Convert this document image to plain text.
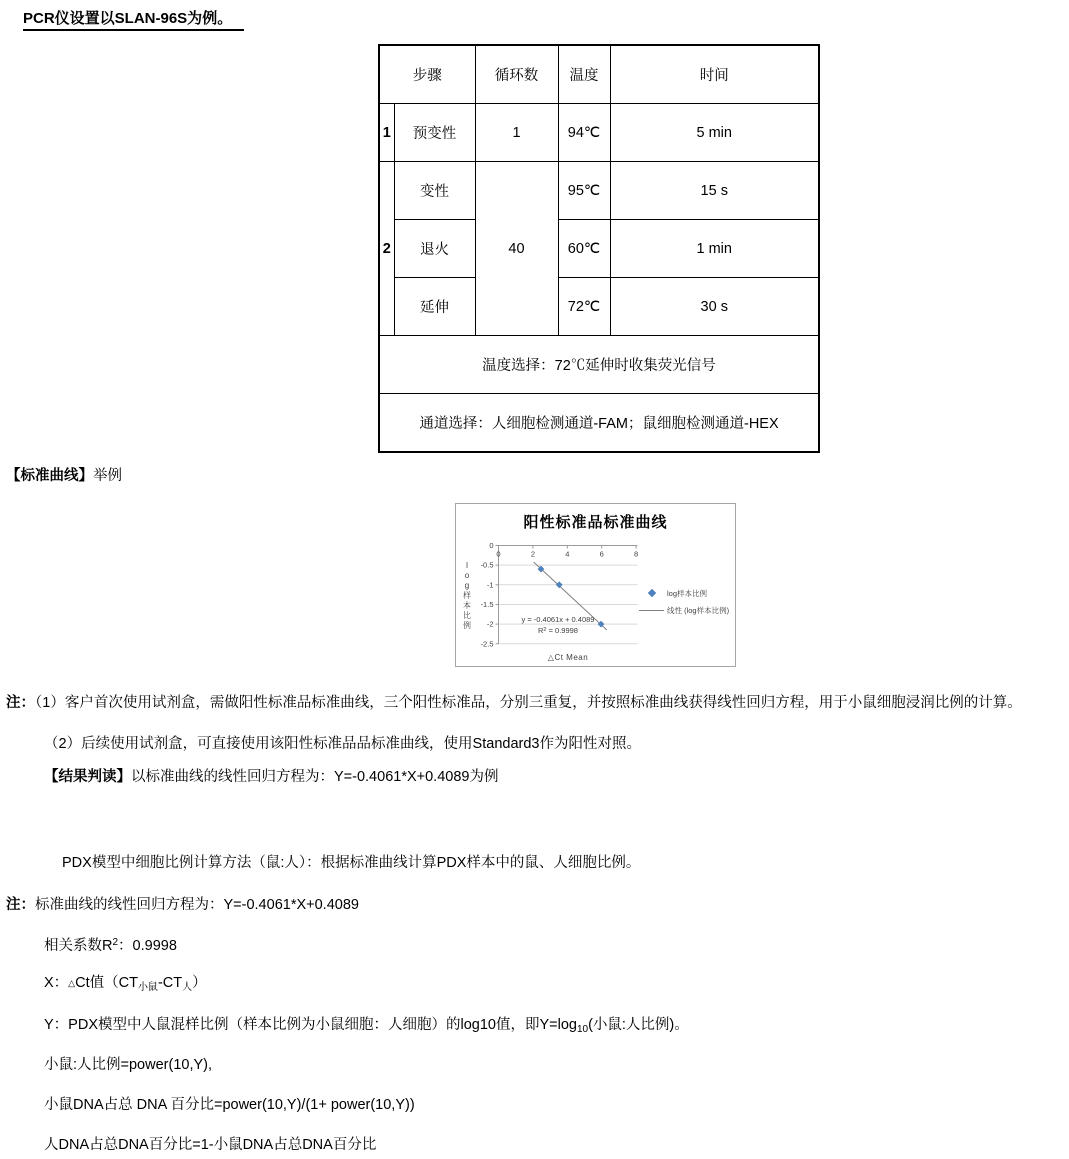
PCR仪设置以SLAN-96S为例。
步骤		循环数	温度	时间
1	预变性	1	94℃	5 min
2	变性	40	95℃	15 s
	退火		60℃	1 min
	延伸		72℃	30 s
温度选择：72℃延伸时收集荧光信号				
通道选择：人细胞检测通道-FAM；鼠细胞检测通道-HEX				
【标准曲线】举例
0
-0.5
-1
-1.5
-2
-2.5
0	2	4	6	8
阳性标准品标准曲线
l
o
g
样
本
比
例
y = -0.4061x + 0.4089
$R^2 = 0.9998$
log样本比例
线性 (log样本比例)
△Ct Mean
注：（1）客户首次使用试剂盒，需做阳性标准品标准曲线，三个阳性标准品，分别三重复，并按照标准曲线获得线性回归方程，用于小鼠细胞浸润比例的计算。
（2）后续使用试剂盒，可直接使用该阳性标准品品标准曲线，使用Standard3作为阳性对照。
【结果判读】以标准曲线的线性回归方程为：Y=-0.4061*X+0.4089为例
PDX模型中细胞比例计算方法（鼠:人）：根据标准曲线计算PDX样本中的鼠、人细胞比例。
注：标准曲线的线性回归方程为：Y=-0.4061*X+0.4089
相关系数$R^2$：0.9998
X：△Ct值$(CT_{小鼠}-CT_人)$
Y：PDX模型中人鼠混样比例（样本比例为小鼠细胞：人细胞）的log10值，即$Y=\log_{10}$(小鼠:人比例)。
小鼠:人比例=power(10,Y),
小鼠DNA占总 DNA 百分比=power(10,Y)/(1+ power(10,Y))
人DNA占总DNA百分比=1-小鼠DNA占总DNA百分比
